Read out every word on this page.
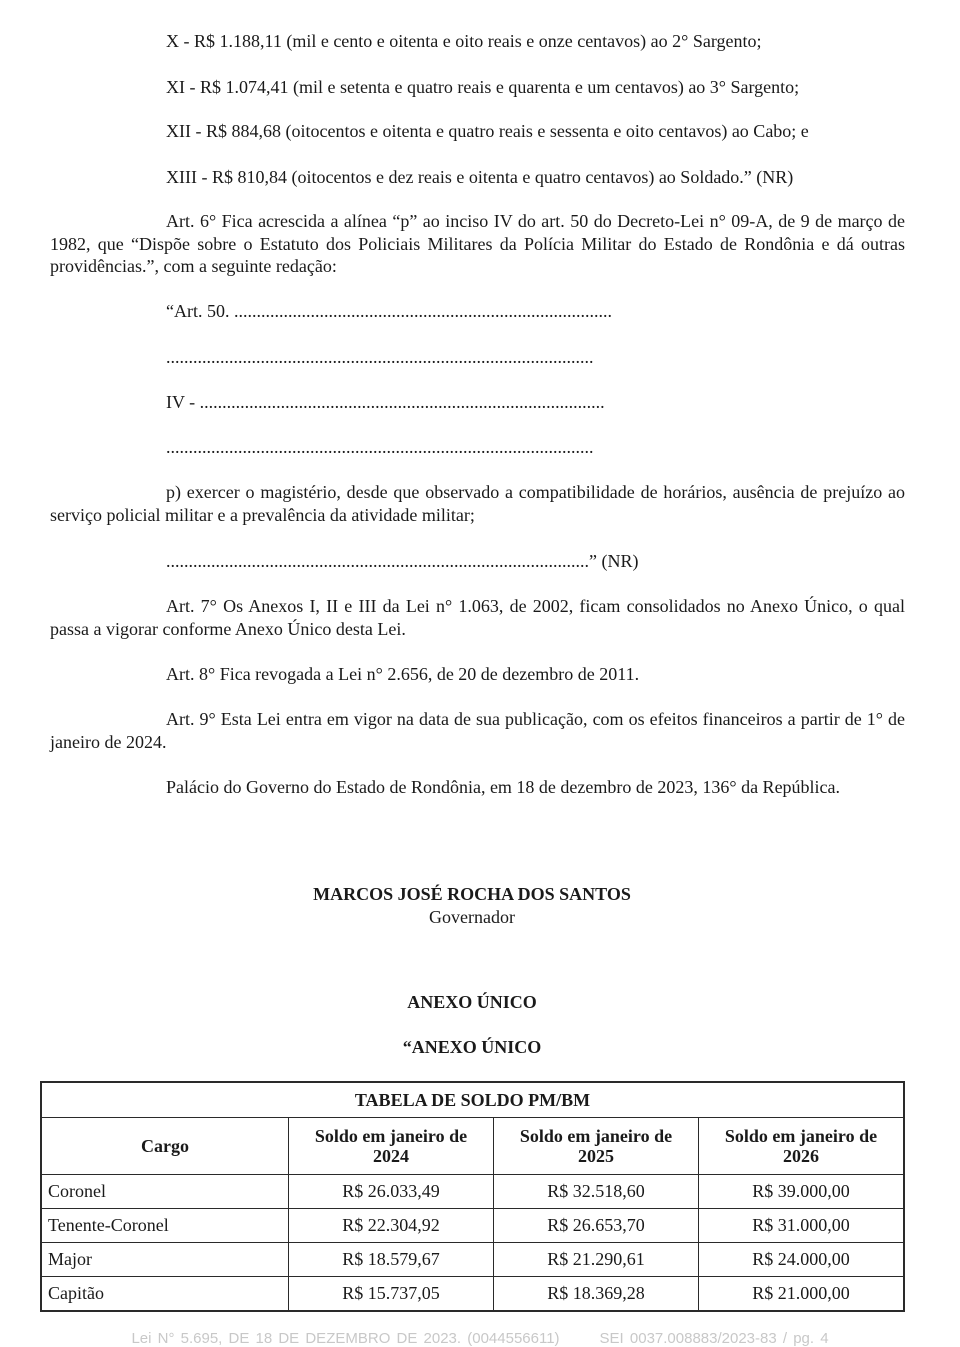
X - R$ 1.188,11 (mil e cento e oitenta e oito reais e onze centavos) ao 2° Sargento;
XI - R$ 1.074,41 (mil e setenta e quatro reais e quarenta e um centavos) ao 3° Sargento;
XII - R$ 884,68 (oitocentos e oitenta e quatro reais e sessenta e oito centavos) ao Cabo; e
XIII - R$ 810,84 (oitocentos e dez reais e oitenta e quatro centavos) ao Soldado.” (NR)
Art. 6° Fica acrescida a alínea “p” ao inciso IV do art. 50 do Decreto-Lei n° 09-A, de 9 de março de 1982, que “Dispõe sobre o Estatuto dos Policiais Militares da Polícia Militar do Estado de Rondônia e dá outras providências.”, com a seguinte redação:
“Art. 50. ....................................................................................
...............................................................................................
IV - ..........................................................................................
...............................................................................................
p) exercer o magistério, desde que observado a compatibilidade de horários, ausência de prejuízo ao serviço policial militar e a prevalência da atividade militar;
..............................................................................................” (NR)
Art. 7° Os Anexos I, II e III da Lei n° 1.063, de 2002, ficam consolidados no Anexo Único, o qual passa a vigorar conforme Anexo Único desta Lei.
Art. 8° Fica revogada a Lei n° 2.656, de 20 de dezembro de 2011.
Art. 9° Esta Lei entra em vigor na data de sua publicação, com os efeitos financeiros a partir de 1° de janeiro de 2024.
Palácio do Governo do Estado de Rondônia, em 18 de dezembro de 2023, 136° da República.
MARCOS JOSÉ ROCHA DOS SANTOS
Governador
ANEXO ÚNICO
“ANEXO ÚNICO
TABELA DE SOLDO PM/BM			
Cargo	Soldo em janeiro de 2024	Soldo em janeiro de 2025	Soldo em janeiro de 2026
Coronel	R$ 26.033,49	R$ 32.518,60	R$ 39.000,00
Tenente-Coronel	R$ 22.304,92	R$ 26.653,70	R$ 31.000,00
Major	R$ 18.579,67	R$ 21.290,61	R$ 24.000,00
Capitão	R$ 15.737,05	R$ 18.369,28	R$ 21.000,00
Lei N° 5.695, DE 18 DE DEZEMBRO DE 2023. (0044556611)	SEI 0037.008883/2023-83 / pg. 4
